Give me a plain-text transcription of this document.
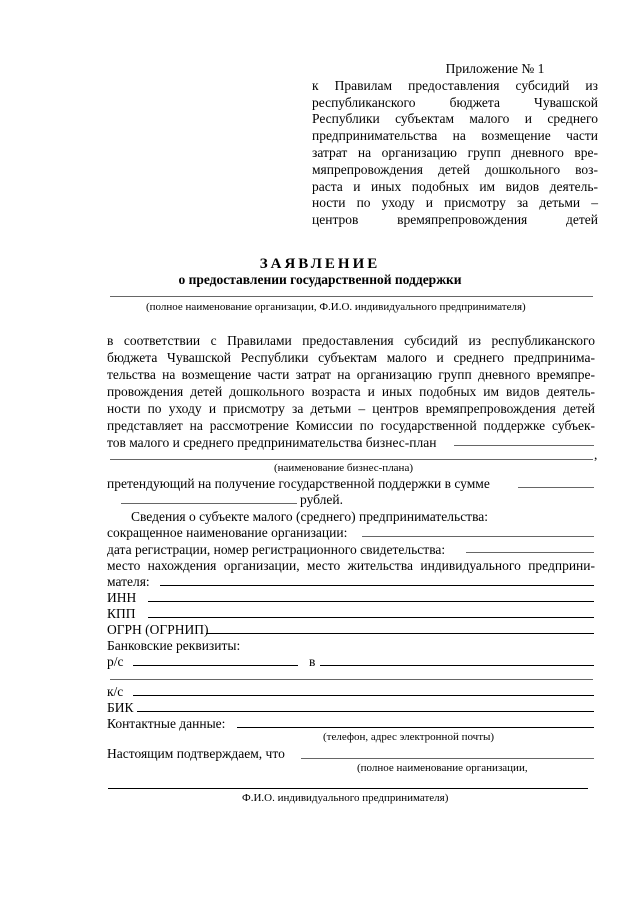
Приложение № 1
к Правилам предоставления субсидий из
республиканского бюджета Чувашской
Республики субъектам малого и среднего
предпринимательства на возмещение части
затрат на организацию групп дневного вре-
мяпрепровождения детей дошкольного воз-
раста и иных подобных им видов деятель-
ности по уходу и присмотру за детьми –
центров времяпрепровождения детей
ЗАЯВЛЕНИЕ
о предоставлении государственной поддержки
(полное наименование организации, Ф.И.О. индивидуального предпринимателя)
в соответствии с Правилами предоставления субсидий из республиканского
бюджета Чувашской Республики субъектам малого и среднего предпринима-
тельства на возмещение части затрат на организацию групп дневного времяпре-
провождения детей дошкольного возраста и иных подобных им видов деятель-
ности по уходу и присмотру за детьми – центров времяпрепровождения детей
представляет на рассмотрение Комиссии по государственной поддержке субъек-
тов малого и среднего предпринимательства бизнес-план
,
(наименование бизнес-плана)
претендующий на получение государственной поддержки в сумме
рублей.
Сведения о субъекте малого (среднего) предпринимательства:
сокращенное наименование организации:
дата регистрации, номер регистрационного свидетельства:
место нахождения организации, место жительства индивидуального предприни-
мателя:
ИНН
КПП
ОГРН (ОГРНИП)
Банковские реквизиты:
р/с	в
к/с
БИК
Контактные данные:
(телефон, адрес электронной почты)
Настоящим подтверждаем, что
(полное наименование организации,
Ф.И.О. индивидуального предпринимателя)
